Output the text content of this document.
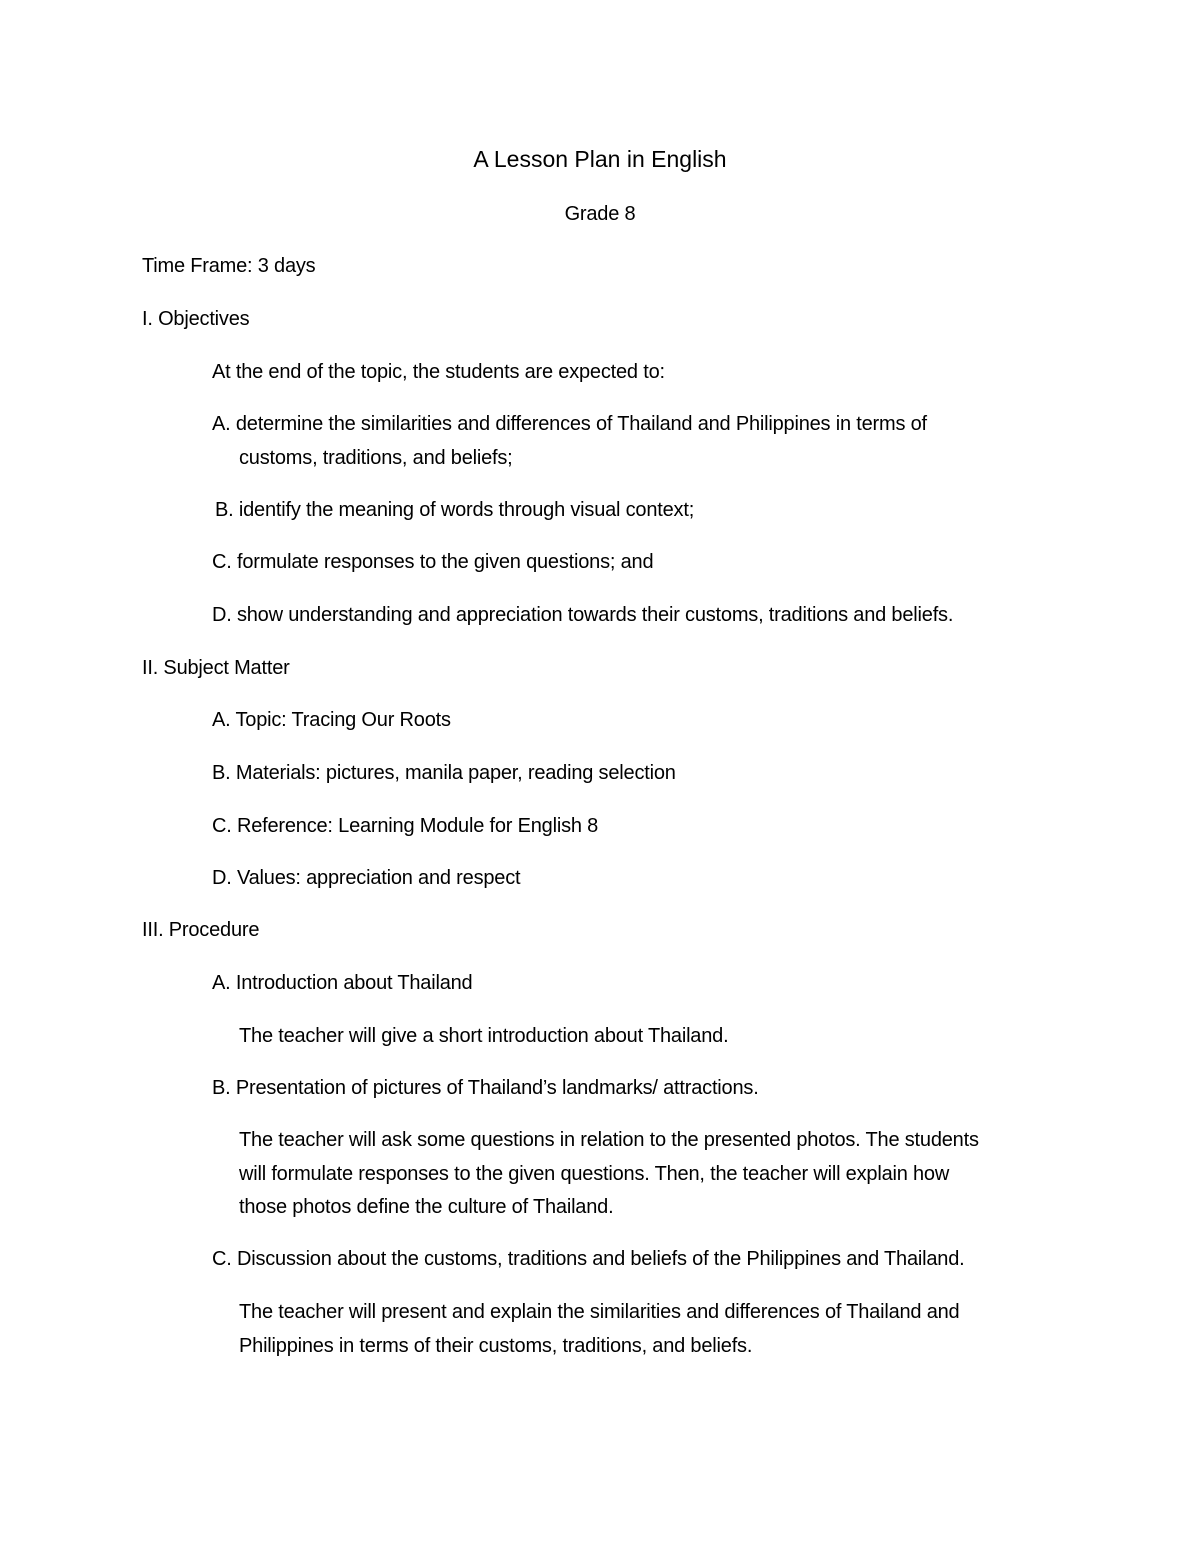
A Lesson Plan in English
Grade 8
Time Frame: 3 days
I. Objectives
At the end of the topic, the students are expected to:
A. determine the similarities and differences of Thailand and Philippines in terms of
customs, traditions, and beliefs;
B. identify the meaning of words through visual context;
C. formulate responses to the given questions; and
D. show understanding and appreciation towards their customs, traditions and beliefs.
II. Subject Matter
A. Topic: Tracing Our Roots
B. Materials: pictures, manila paper, reading selection
C. Reference: Learning Module for English 8
D. Values: appreciation and respect
III. Procedure
A. Introduction about Thailand
The teacher will give a short introduction about Thailand.
B. Presentation of pictures of Thailand’s landmarks/ attractions.
The teacher will ask some questions in relation to the presented photos. The students
will formulate responses to the given questions. Then, the teacher will explain how
those photos define the culture of Thailand.
C. Discussion about the customs, traditions and beliefs of the Philippines and Thailand.
The teacher will present and explain the similarities and differences of Thailand and
Philippines in terms of their customs, traditions, and beliefs.
